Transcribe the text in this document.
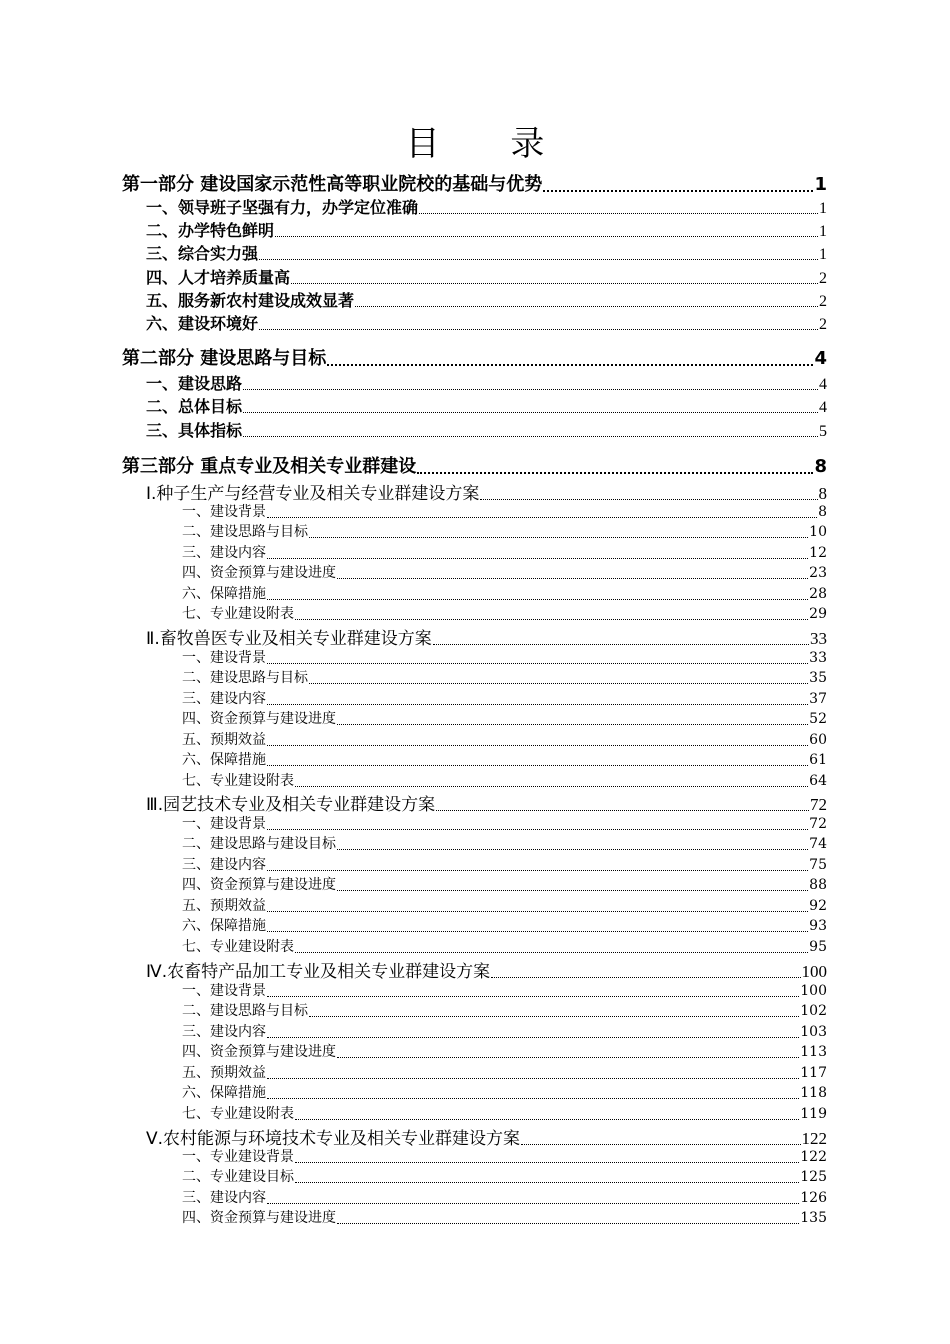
目 录
第一部分 建设国家示范性高等职业院校的基础与优势	1
一、领导班子坚强有力，办学定位准确	1
二、办学特色鲜明	1
三、综合实力强	1
四、人才培养质量高	2
五、服务新农村建设成效显著	2
六、建设环境好	2
第二部分 建设思路与目标	4
一、建设思路	4
二、总体目标	4
三、具体指标	5
第三部分 重点专业及相关专业群建设	8
Ⅰ.种子生产与经营专业及相关专业群建设方案	8
一、建设背景	8
二、建设思路与目标	10
三、建设内容	12
四、资金预算与建设进度	23
六、保障措施	28
七、专业建设附表	29
Ⅱ.畜牧兽医专业及相关专业群建设方案	33
一、建设背景	33
二、建设思路与目标	35
三、建设内容	37
四、资金预算与建设进度	52
五、预期效益	60
六、保障措施	61
七、专业建设附表	64
Ⅲ.园艺技术专业及相关专业群建设方案	72
一、建设背景	72
二、建设思路与建设目标	74
三、建设内容	75
四、资金预算与建设进度	88
五、预期效益	92
六、保障措施	93
七、专业建设附表	95
Ⅳ.农畜特产品加工专业及相关专业群建设方案	100
一、建设背景	100
二、建设思路与目标	102
三、建设内容	103
四、资金预算与建设进度	113
五、预期效益	117
六、保障措施	118
七、专业建设附表	119
Ⅴ.农村能源与环境技术专业及相关专业群建设方案	122
一、专业建设背景	122
二、专业建设目标	125
三、建设内容	126
四、资金预算与建设进度	135
